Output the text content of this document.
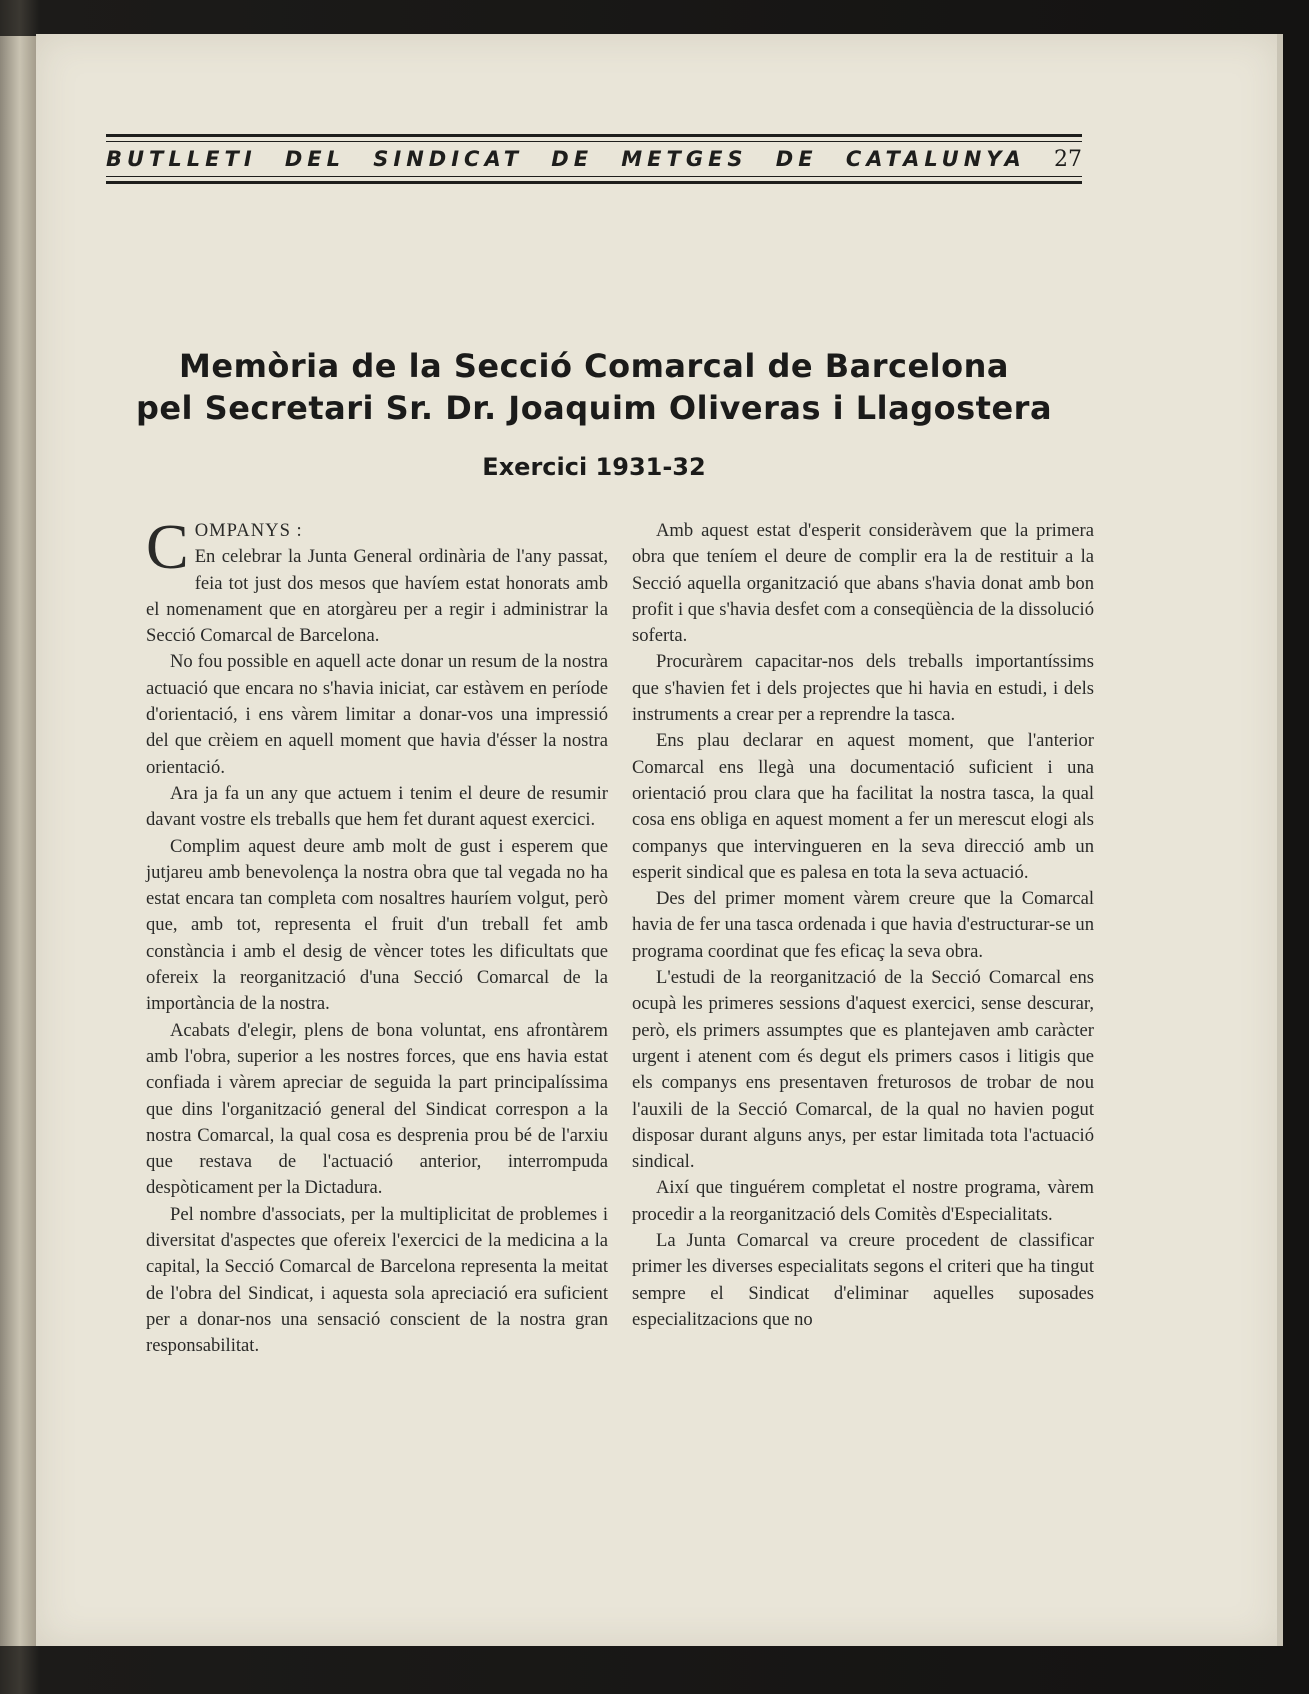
BUTLLETI DEL SINDICAT DE METGES DE CATALUNYA 27
Memòria de la Secció Comarcal de Barcelona
pel Secretari Sr. Dr. Joaquim Oliveras i Llagostera
Exercici 1931-32
C OMPANYS :

En celebrar la Junta General ordinària de l'any passat, feia tot just dos mesos que havíem estat honorats amb el nomenament que en atorgàreu per a regir i administrar la Secció Comarcal de Barcelona.

No fou possible en aquell acte donar un resum de la nostra actuació que encara no s'havia iniciat, car estàvem en període d'orientació, i ens vàrem limitar a donar-vos una impressió del que crèiem en aquell moment que havia d'ésser la nostra orientació.

Ara ja fa un any que actuem i tenim el deure de resumir davant vostre els treballs que hem fet durant aquest exercici.

Complim aquest deure amb molt de gust i esperem que jutjareu amb benevolença la nostra obra que tal vegada no ha estat encara tan completa com nosaltres hauríem volgut, però que, amb tot, representa el fruit d'un treball fet amb constància i amb el desig de vèncer totes les dificultats que ofereix la reorganització d'una Secció Comarcal de la importància de la nostra.

Acabats d'elegir, plens de bona voluntat, ens afrontàrem amb l'obra, superior a les nostres forces, que ens havia estat confiada i vàrem apreciar de seguida la part principalíssima que dins l'organització general del Sindicat correspon a la nostra Comarcal, la qual cosa es desprenia prou bé de l'arxiu que restava de l'actuació anterior, interrompuda despòticament per la Dictadura.

Pel nombre d'associats, per la multiplicitat de problemes i diversitat d'aspectes que ofereix l'exercici de la medicina a la capital, la Secció Comarcal de Barcelona representa la meitat de l'obra del Sindicat, i aquesta sola apreciació era suficient per a donar-nos una sensació conscient de la nostra gran responsabilitat.

Amb aquest estat d'esperit consideràvem que la primera obra que teníem el deure de complir era la de restituir a la Secció aquella organització que abans s'havia donat amb bon profit i que s'havia desfet com a conseqüència de la dissolució soferta.

Procuràrem capacitar-nos dels treballs importantíssims que s'havien fet i dels projectes que hi havia en estudi, i dels instruments a crear per a reprendre la tasca.

Ens plau declarar en aquest moment, que l'anterior Comarcal ens llegà una documentació suficient i una orientació prou clara que ha facilitat la nostra tasca, la qual cosa ens obliga en aquest moment a fer un merescut elogi als companys que intervingueren en la seva direcció amb un esperit sindical que es palesa en tota la seva actuació.

Des del primer moment vàrem creure que la Comarcal havia de fer una tasca ordenada i que havia d'estructurar-se un programa coordinat que fes eficaç la seva obra.

L'estudi de la reorganització de la Secció Comarcal ens ocupà les primeres sessions d'aquest exercici, sense descurar, però, els primers assumptes que es plantejaven amb caràcter urgent i atenent com és degut els primers casos i litigis que els companys ens presentaven freturosos de trobar de nou l'auxili de la Secció Comarcal, de la qual no havien pogut disposar durant alguns anys, per estar limitada tota l'actuació sindical.

Així que tinguérem completat el nostre programa, vàrem procedir a la reorganització dels Comitès d'Especialitats.

La Junta Comarcal va creure procedent de classificar primer les diverses especialitats segons el criteri que ha tingut sempre el Sindicat d'eliminar aquelles suposades especialitzacions que no
